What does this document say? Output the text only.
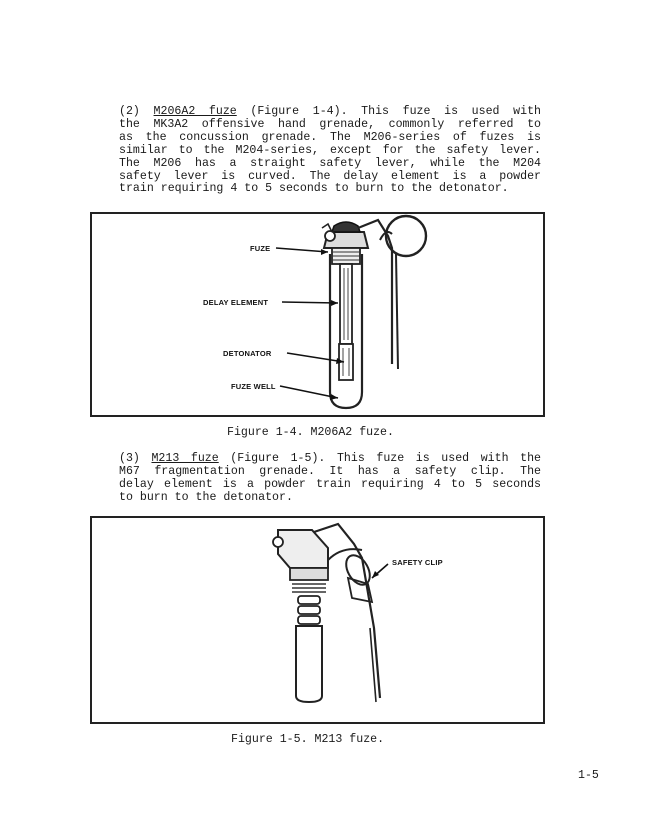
(2) M206A2 fuze (Figure 1-4). This fuze is used with
the MK3A2 offensive hand grenade, commonly referred to
as the concussion grenade. The M206-series of fuzes is
similar to the M204-series, except for the safety lever.
The M206 has a straight safety lever, while the M204
safety lever is curved. The delay element is a powder
train requiring 4 to 5 seconds to burn to the detonator.
FUZE
DELAY ELEMENT
DETONATOR
FUZE WELL
Figure 1-4. M206A2 fuze.
(3) M213 fuze (Figure 1-5). This fuze is used with the
M67 fragmentation grenade. It has a safety clip. The
delay element is a powder train requiring 4 to 5 seconds
to burn to the detonator.
SAFETY CLIP
Figure 1-5. M213 fuze.
1-5
